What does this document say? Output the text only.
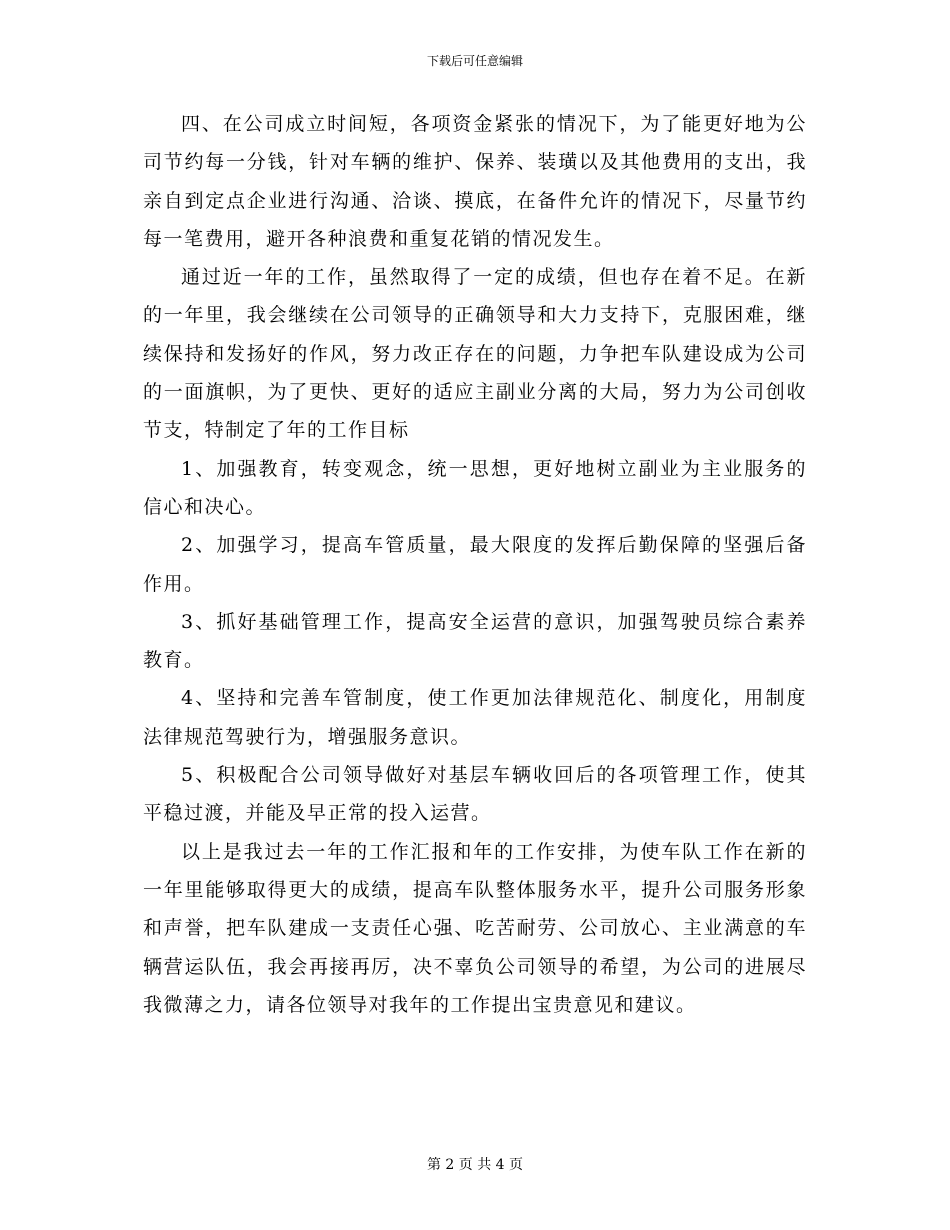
下载后可任意编辑

四、在公司成立时间短，各项资金紧张的情况下，为了能更好地为公司节约每一分钱，针对车辆的维护、保养、装璜以及其他费用的支出，我亲自到定点企业进行沟通、洽谈、摸底，在备件允许的情况下，尽量节约每一笔费用，避开各种浪费和重复花销的情况发生。

通过近一年的工作，虽然取得了一定的成绩，但也存在着不足。在新的一年里，我会继续在公司领导的正确领导和大力支持下，克服困难，继续保持和发扬好的作风，努力改正存在的问题，力争把车队建设成为公司的一面旗帜，为了更快、更好的适应主副业分离的大局，努力为公司创收节支，特制定了年的工作目标

1、加强教育，转变观念，统一思想，更好地树立副业为主业服务的信心和决心。

2、加强学习，提高车管质量，最大限度的发挥后勤保障的坚强后备作用。

3、抓好基础管理工作，提高安全运营的意识，加强驾驶员综合素养教育。

4、坚持和完善车管制度，使工作更加法律规范化、制度化，用制度法律规范驾驶行为，增强服务意识。

5、积极配合公司领导做好对基层车辆收回后的各项管理工作，使其平稳过渡，并能及早正常的投入运营。

以上是我过去一年的工作汇报和年的工作安排，为使车队工作在新的一年里能够取得更大的成绩，提高车队整体服务水平，提升公司服务形象和声誉，把车队建成一支责任心强、吃苦耐劳、公司放心、主业满意的车辆营运队伍，我会再接再厉，决不辜负公司领导的希望，为公司的进展尽我微薄之力，请各位领导对我年的工作提出宝贵意见和建议。

第 2 页 共 4 页
